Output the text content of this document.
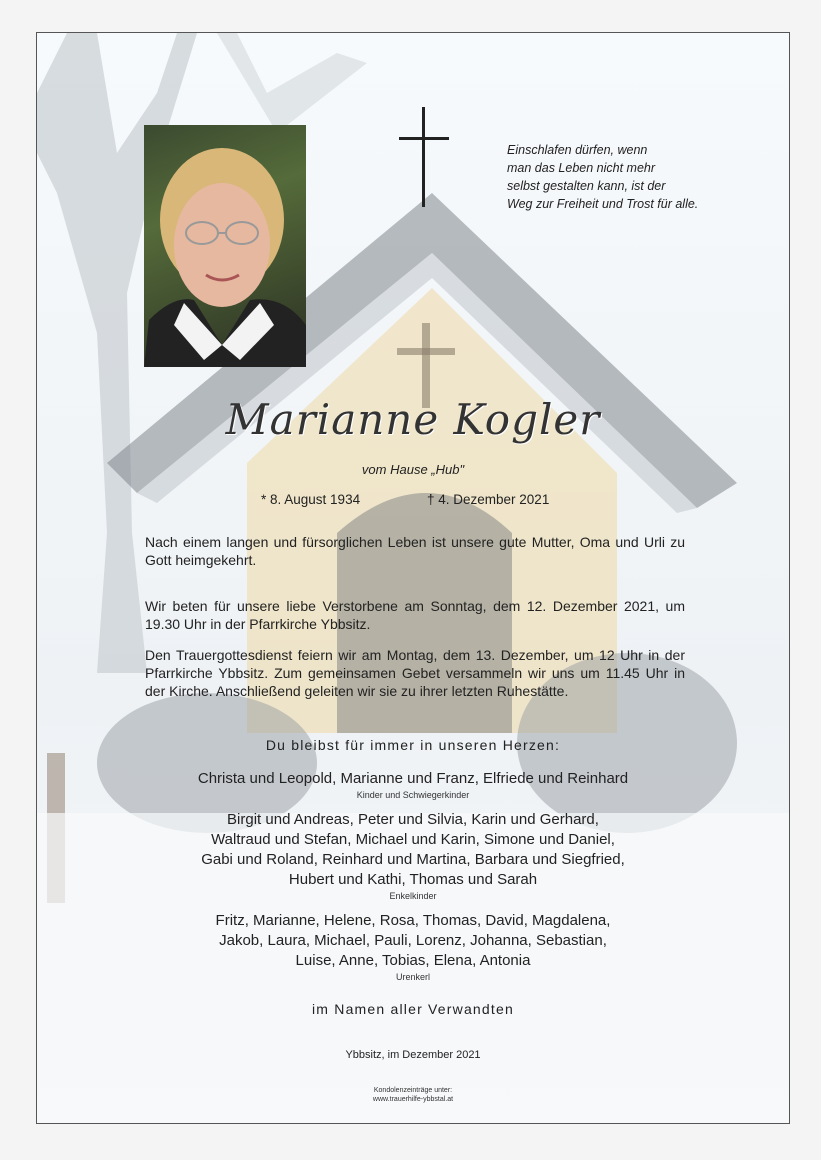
Einschlafen dürfen, wenn
man das Leben nicht mehr
selbst gestalten kann, ist der
Weg zur Freiheit und Trost für alle.
Marianne Kogler
vom Hause „Hub"
* 8. August 1934	† 4. Dezember 2021
Nach einem langen und fürsorglichen Leben ist unsere gute Mutter, Oma und Urli zu Gott heimgekehrt.
Wir beten für unsere liebe Verstorbene am Sonntag, dem 12. Dezember 2021, um 19.30 Uhr in der Pfarrkirche Ybbsitz.
Den Trauergottesdienst feiern wir am Montag, dem 13. Dezember, um 12 Uhr in der Pfarrkirche Ybbsitz. Zum gemeinsamen Gebet versammeln wir uns um 11.45 Uhr in der Kirche. Anschließend geleiten wir sie zu ihrer letzten Ruhestätte.
Du bleibst für immer in unseren Herzen:
Christa und Leopold, Marianne und Franz, Elfriede und Reinhard
Kinder und Schwiegerkinder
Birgit und Andreas, Peter und Silvia, Karin und Gerhard,
Waltraud und Stefan, Michael und Karin, Simone und Daniel,
Gabi und Roland, Reinhard und Martina, Barbara und Siegfried,
Hubert und Kathi, Thomas und Sarah
Enkelkinder
Fritz, Marianne, Helene, Rosa, Thomas, David, Magdalena,
Jakob, Laura, Michael, Pauli, Lorenz, Johanna, Sebastian,
Luise, Anne, Tobias, Elena, Antonia
Urenkerl
im Namen aller Verwandten
Ybbsitz, im Dezember 2021
Kondolenzeinträge unter:
www.trauerhilfe-ybbstal.at
